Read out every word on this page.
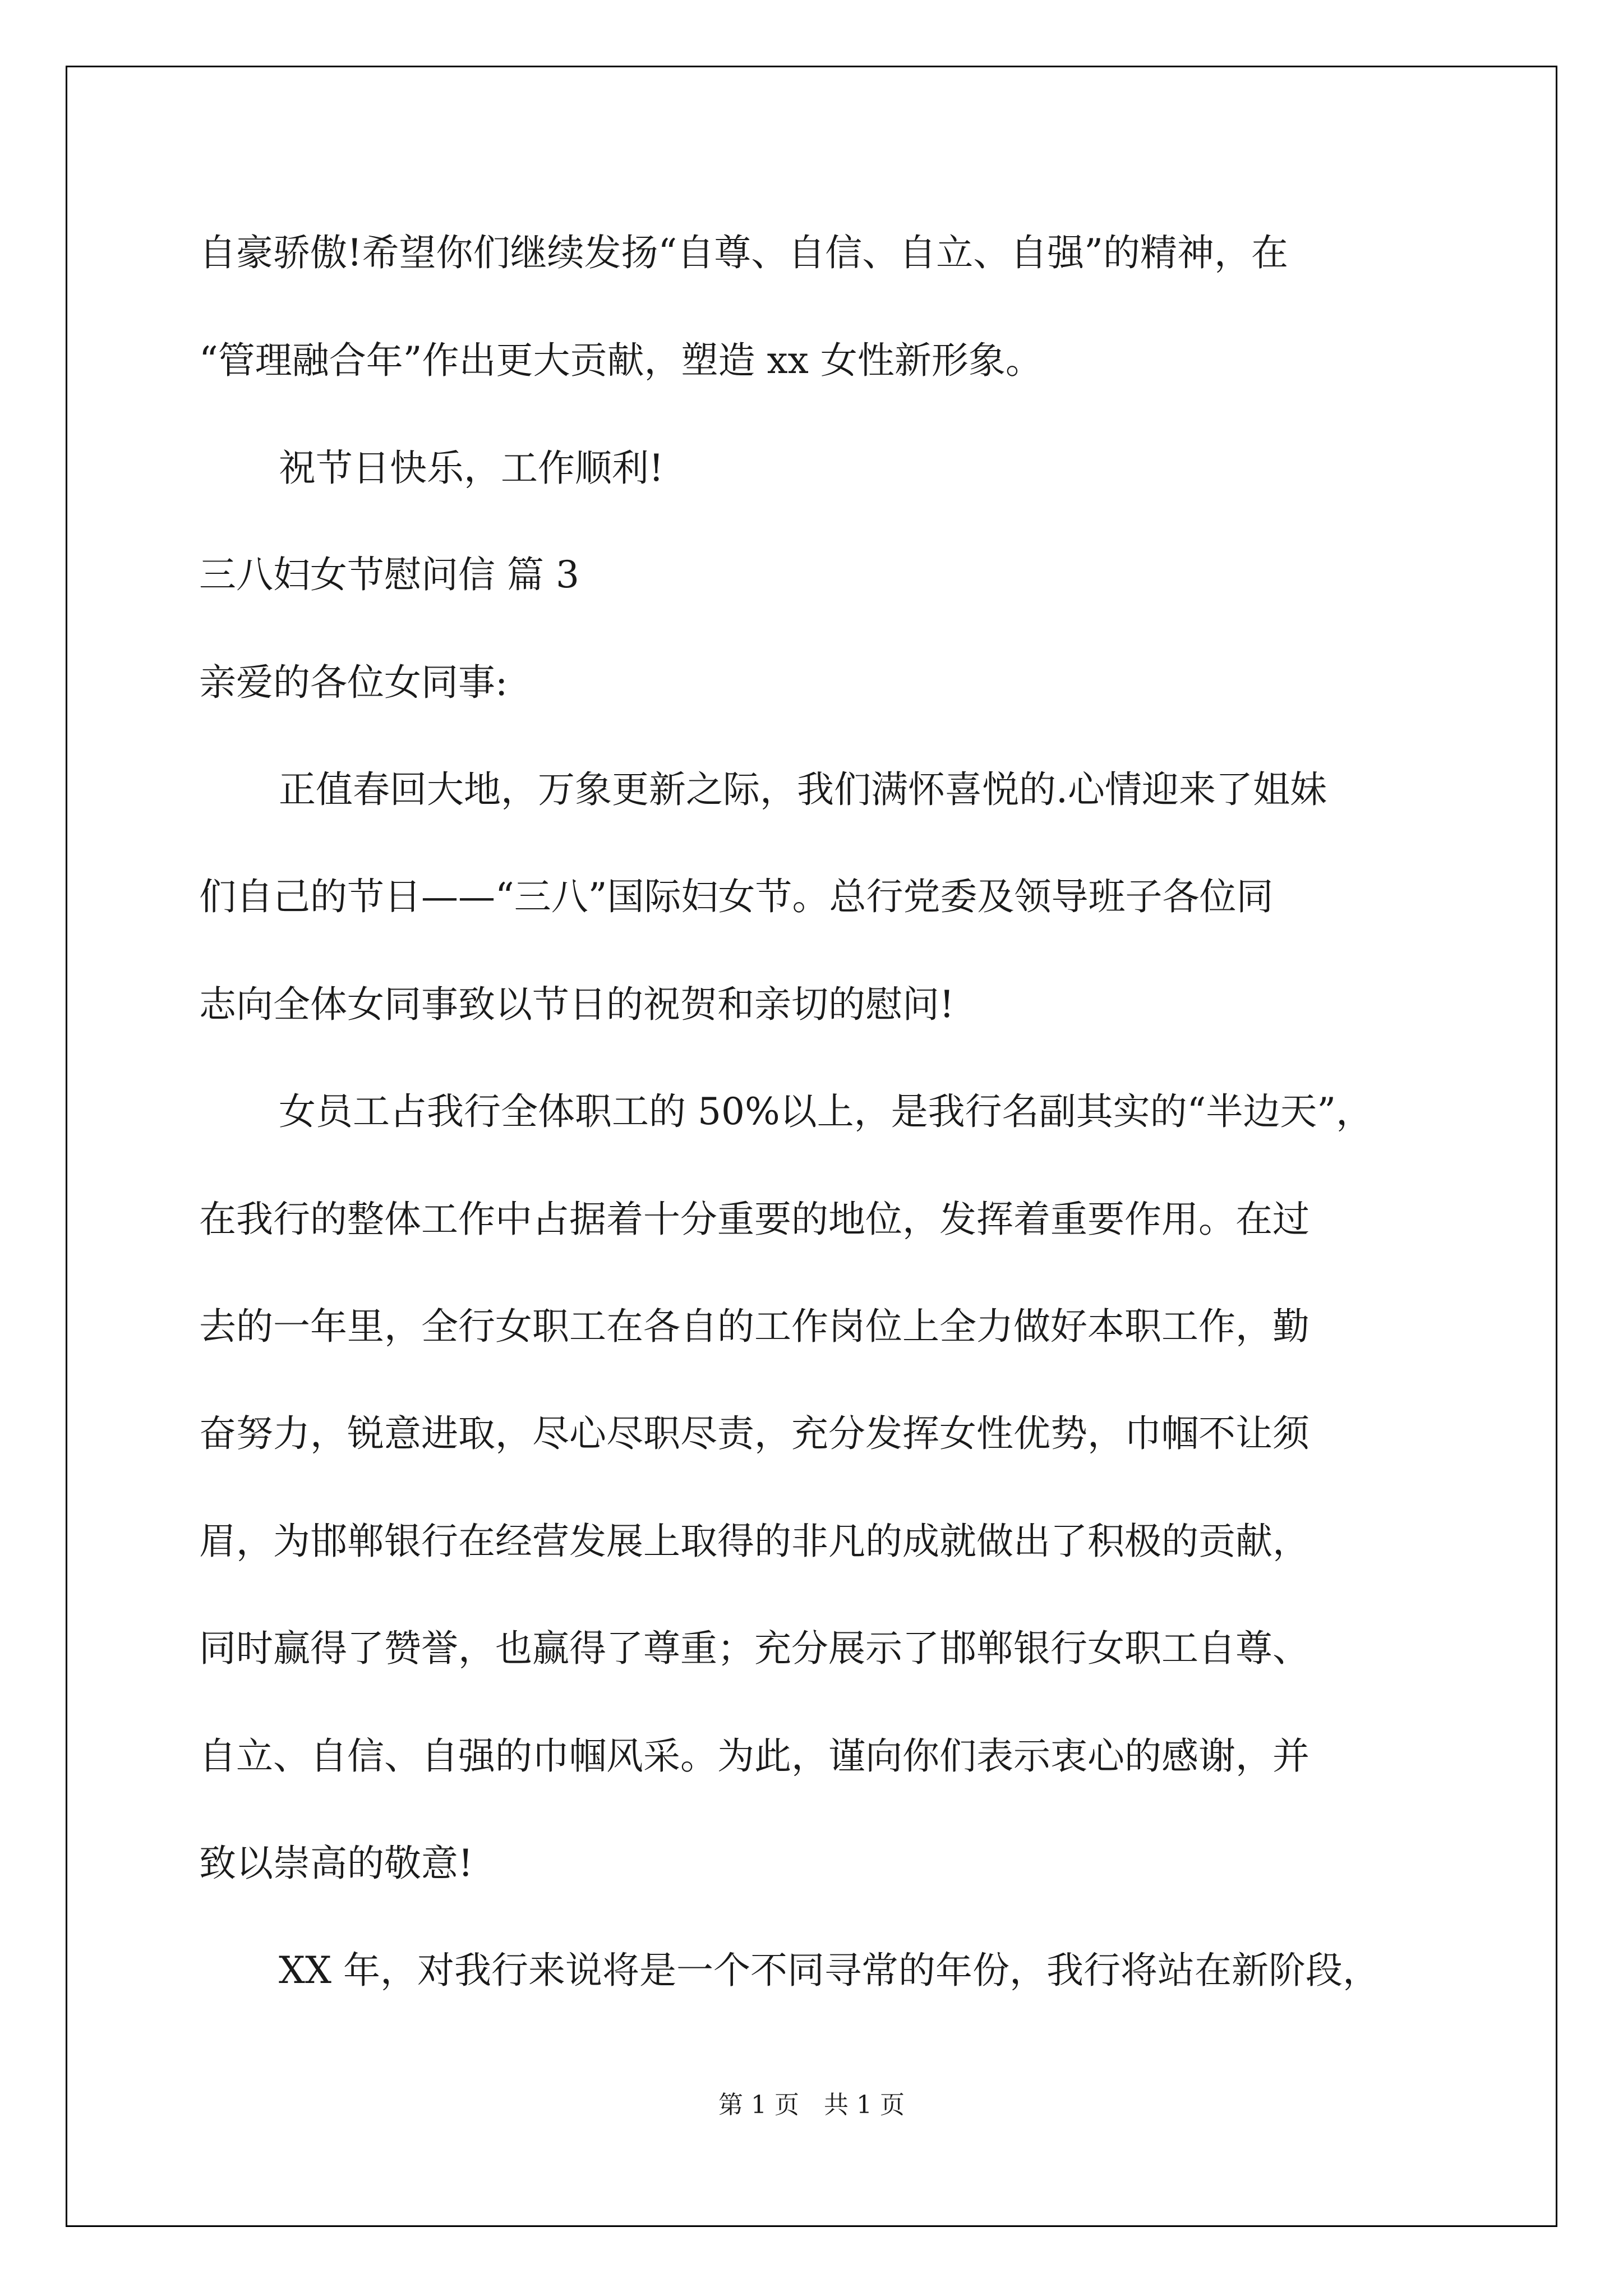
自豪骄傲!希望你们继续发扬“自尊、自信、自立、自强”的精神，在
“管理融合年”作出更大贡献，塑造 xx 女性新形象。
祝节日快乐，工作顺利!
三八妇女节慰问信 篇 3
亲爱的各位女同事:
正值春回大地，万象更新之际，我们满怀喜悦的.心情迎来了姐妹
们自己的节日——“三八”国际妇女节。总行党委及领导班子各位同
志向全体女同事致以节日的祝贺和亲切的慰问!
女员工占我行全体职工的 50%以上，是我行名副其实的“半边天”，
在我行的整体工作中占据着十分重要的地位，发挥着重要作用。在过
去的一年里，全行女职工在各自的工作岗位上全力做好本职工作，勤
奋努力，锐意进取，尽心尽职尽责，充分发挥女性优势，巾帼不让须
眉，为邯郸银行在经营发展上取得的非凡的成就做出了积极的贡献，
同时赢得了赞誉，也赢得了尊重；充分展示了邯郸银行女职工自尊、
自立、自信、自强的巾帼风采。为此，谨向你们表示衷心的感谢，并
致以崇高的敬意!
XX 年，对我行来说将是一个不同寻常的年份，我行将站在新阶段，
第 1 页　共 1 页
